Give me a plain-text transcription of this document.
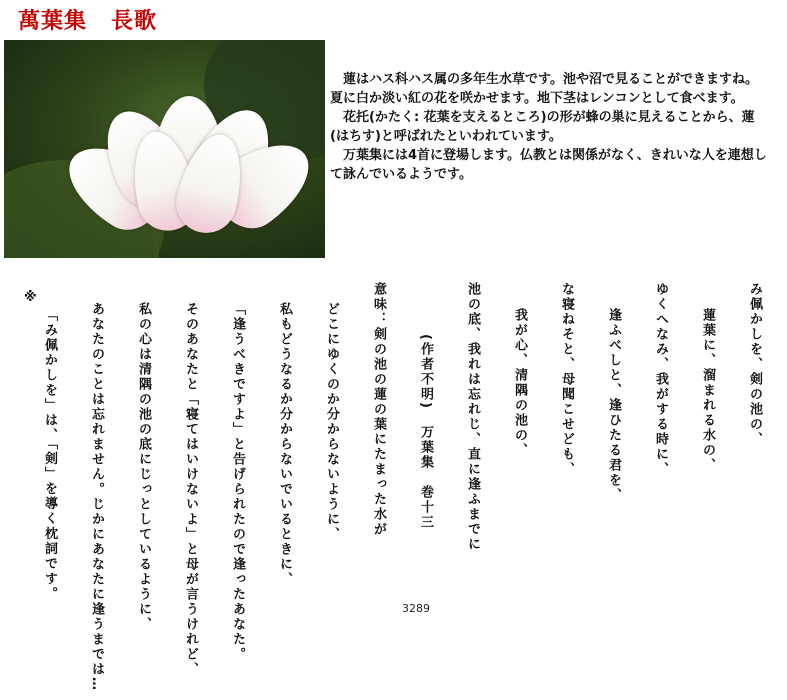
萬葉集 長歌

蓮はハス科ハス属の多年生水草です。池や沼で見ることができますね。夏に白か淡い紅の花を咲かせます。地下茎はレンコンとして食べます。

花托(かたく: 花葉を支えるところ)の形が蜂の巣に見えることから、蓮(はちす)と呼ばれたといわれています。

万葉集には4首に登場します。仏教とは関係がなく、きれいな人を連想して詠んでいるようです。

み佩かしを、剣の池の、
蓮葉に、溜まれる水の、
ゆくへなみ、我がする時に、
逢ふべしと、逢ひたる君を、
な寝ねそと、母聞こせども、
我が心、清隅の池の、
池の底、我れは忘れじ、直に逢ふまでに
(作者不明)　万葉集　巻十三
意味：剣の池の蓮の葉にたまった水が
どこにゆくのか分からないように、
私もどうなるか分からないでいるときに、
「逢うべきですよ」と告げられたので逢ったあなた。
そのあなたと「寝てはいけないよ」と母が言うけれど、
私の心は清隅の池の底にじっとしているように、
あなたのことは忘れません。じかにあなたに逢うまでは…
「み佩かしを」は、「剣」を導く枕詞です。
※
3289
